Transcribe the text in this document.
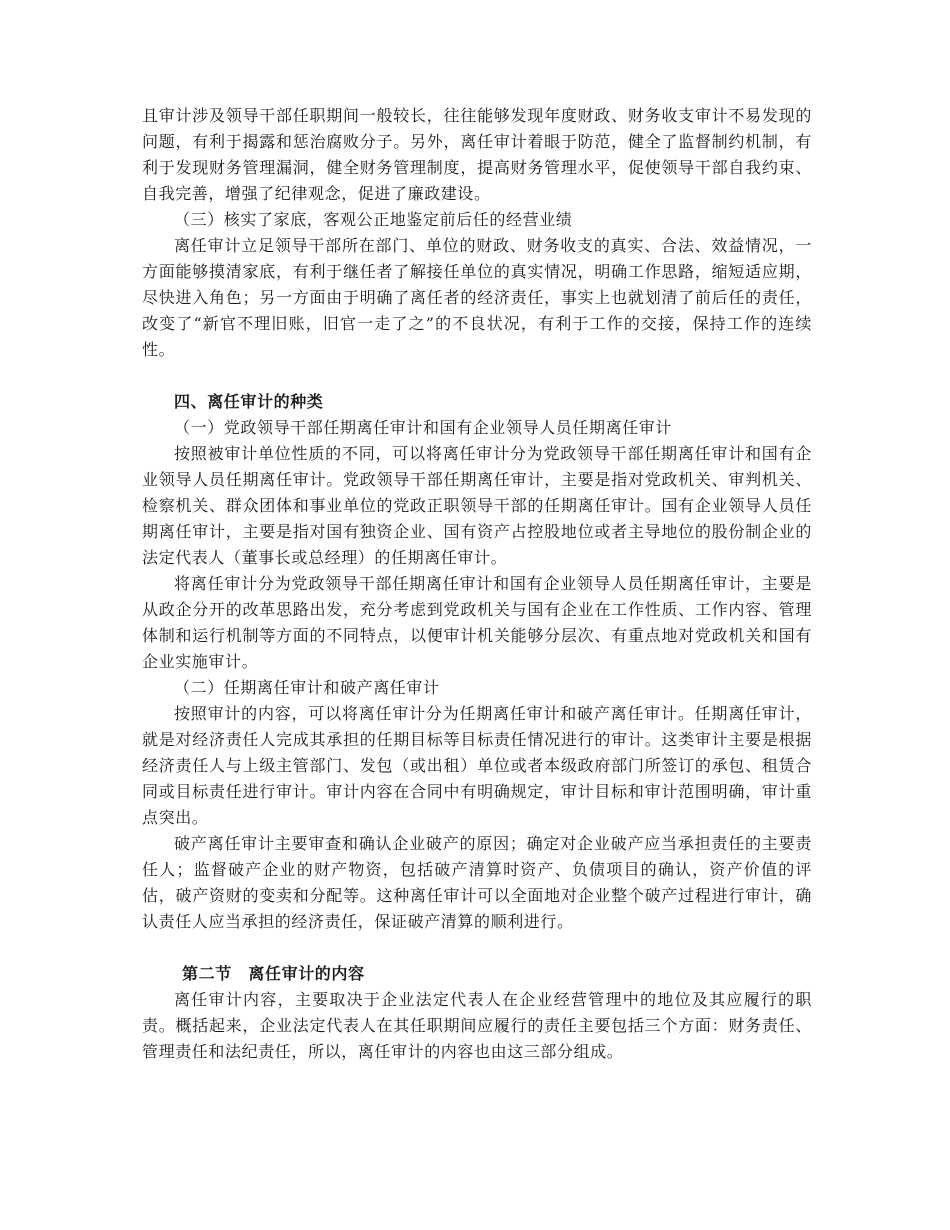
且审计涉及领导干部任职期间一般较长，往往能够发现年度财政、财务收支审计不易发现的问题，有利于揭露和惩治腐败分子。另外，离任审计着眼于防范，健全了监督制约机制，有利于发现财务管理漏洞，健全财务管理制度，提高财务管理水平，促使领导干部自我约束、自我完善，增强了纪律观念，促进了廉政建设。

（三）核实了家底，客观公正地鉴定前后任的经营业绩

离任审计立足领导干部所在部门、单位的财政、财务收支的真实、合法、效益情况，一方面能够摸清家底，有利于继任者了解接任单位的真实情况，明确工作思路，缩短适应期，尽快进入角色；另一方面由于明确了离任者的经济责任，事实上也就划清了前后任的责任，改变了“新官不理旧账，旧官一走了之”的不良状况，有利于工作的交接，保持工作的连续性。

四、离任审计的种类

（一）党政领导干部任期离任审计和国有企业领导人员任期离任审计

按照被审计单位性质的不同，可以将离任审计分为党政领导干部任期离任审计和国有企业领导人员任期离任审计。党政领导干部任期离任审计，主要是指对党政机关、审判机关、检察机关、群众团体和事业单位的党政正职领导干部的任期离任审计。国有企业领导人员任期离任审计，主要是指对国有独资企业、国有资产占控股地位或者主导地位的股份制企业的法定代表人（董事长或总经理）的任期离任审计。

将离任审计分为党政领导干部任期离任审计和国有企业领导人员任期离任审计，主要是从政企分开的改革思路出发，充分考虑到党政机关与国有企业在工作性质、工作内容、管理体制和运行机制等方面的不同特点，以便审计机关能够分层次、有重点地对党政机关和国有企业实施审计。

（二）任期离任审计和破产离任审计

按照审计的内容，可以将离任审计分为任期离任审计和破产离任审计。任期离任审计，就是对经济责任人完成其承担的任期目标等目标责任情况进行的审计。这类审计主要是根据经济责任人与上级主管部门、发包（或出租）单位或者本级政府部门所签订的承包、租赁合同或目标责任进行审计。审计内容在合同中有明确规定，审计目标和审计范围明确，审计重点突出。

破产离任审计主要审查和确认企业破产的原因；确定对企业破产应当承担责任的主要责任人；监督破产企业的财产物资，包括破产清算时资产、负债项目的确认，资产价值的评估，破产资财的变卖和分配等。这种离任审计可以全面地对企业整个破产过程进行审计，确认责任人应当承担的经济责任，保证破产清算的顺利进行。

第二节　离任审计的内容

离任审计内容，主要取决于企业法定代表人在企业经营管理中的地位及其应履行的职责。概括起来，企业法定代表人在其任职期间应履行的责任主要包括三个方面：财务责任、管理责任和法纪责任，所以，离任审计的内容也由这三部分组成。
